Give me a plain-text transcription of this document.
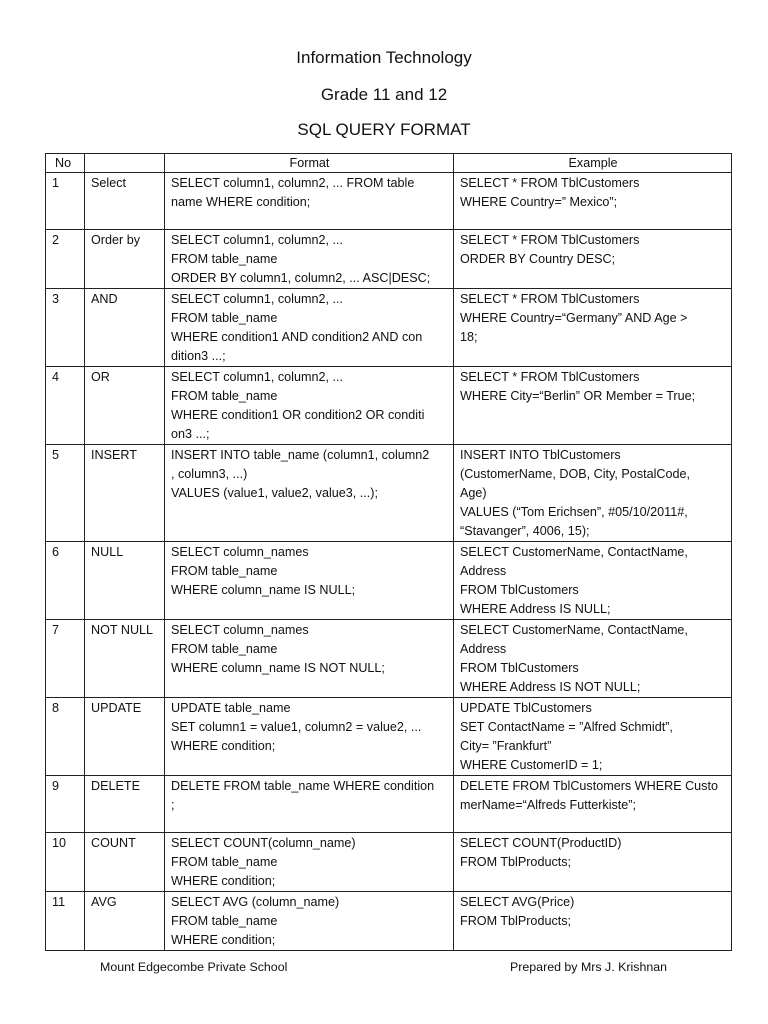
Information Technology
Grade 11 and 12
SQL QUERY FORMAT
No		Format	Example
1	Select	SELECT column1, column2, ... FROM table
name WHERE condition;	SELECT * FROM TblCustomers
WHERE Country=” Mexico”;

2	Order by	SELECT column1, column2, ...
FROM table_name
ORDER BY column1, column2, ... ASC|DESC;	SELECT * FROM TblCustomers
ORDER BY Country DESC;

3	AND	SELECT column1, column2, ...
FROM table_name
WHERE condition1 AND condition2 AND con
dition3 ...;	SELECT * FROM TblCustomers
WHERE Country=“Germany” AND Age >
18;

4	OR	SELECT column1, column2, ...
FROM table_name
WHERE condition1 OR condition2 OR conditi
on3 ...;	SELECT * FROM TblCustomers
WHERE City=“Berlin” OR Member = True;

5	INSERT	INSERT INTO table_name (column1, column2
, column3, ...)
VALUES (value1, value2, value3, ...);	INSERT INTO TblCustomers
(CustomerName, DOB, City, PostalCode,
Age)
VALUES (“Tom Erichsen”, #05/10/2011#,
“Stavanger”, 4006, 15);

6	NULL	SELECT column_names
FROM table_name
WHERE column_name IS NULL;	SELECT CustomerName, ContactName,
Address
FROM TblCustomers
WHERE Address IS NULL;

7	NOT NULL	SELECT column_names
FROM table_name
WHERE column_name IS NOT NULL;	SELECT CustomerName, ContactName,
Address
FROM TblCustomers
WHERE Address IS NOT NULL;

8	UPDATE	UPDATE table_name
SET column1 = value1, column2 = value2, ...
WHERE condition;	UPDATE TblCustomers
SET ContactName = ”Alfred Schmidt”,
City= ”Frankfurt”
WHERE CustomerID = 1;

9	DELETE	DELETE FROM table_name WHERE condition
;	DELETE FROM TblCustomers WHERE Custo
merName=“Alfreds Futterkiste”;

10	COUNT	SELECT COUNT(column_name)
FROM table_name
WHERE condition;	SELECT COUNT(ProductID)
FROM TblProducts;

11	AVG	SELECT AVG (column_name)
FROM table_name
WHERE condition;	SELECT AVG(Price)
FROM TblProducts;
Mount Edgecombe Private School	Prepared by Mrs J. Krishnan
